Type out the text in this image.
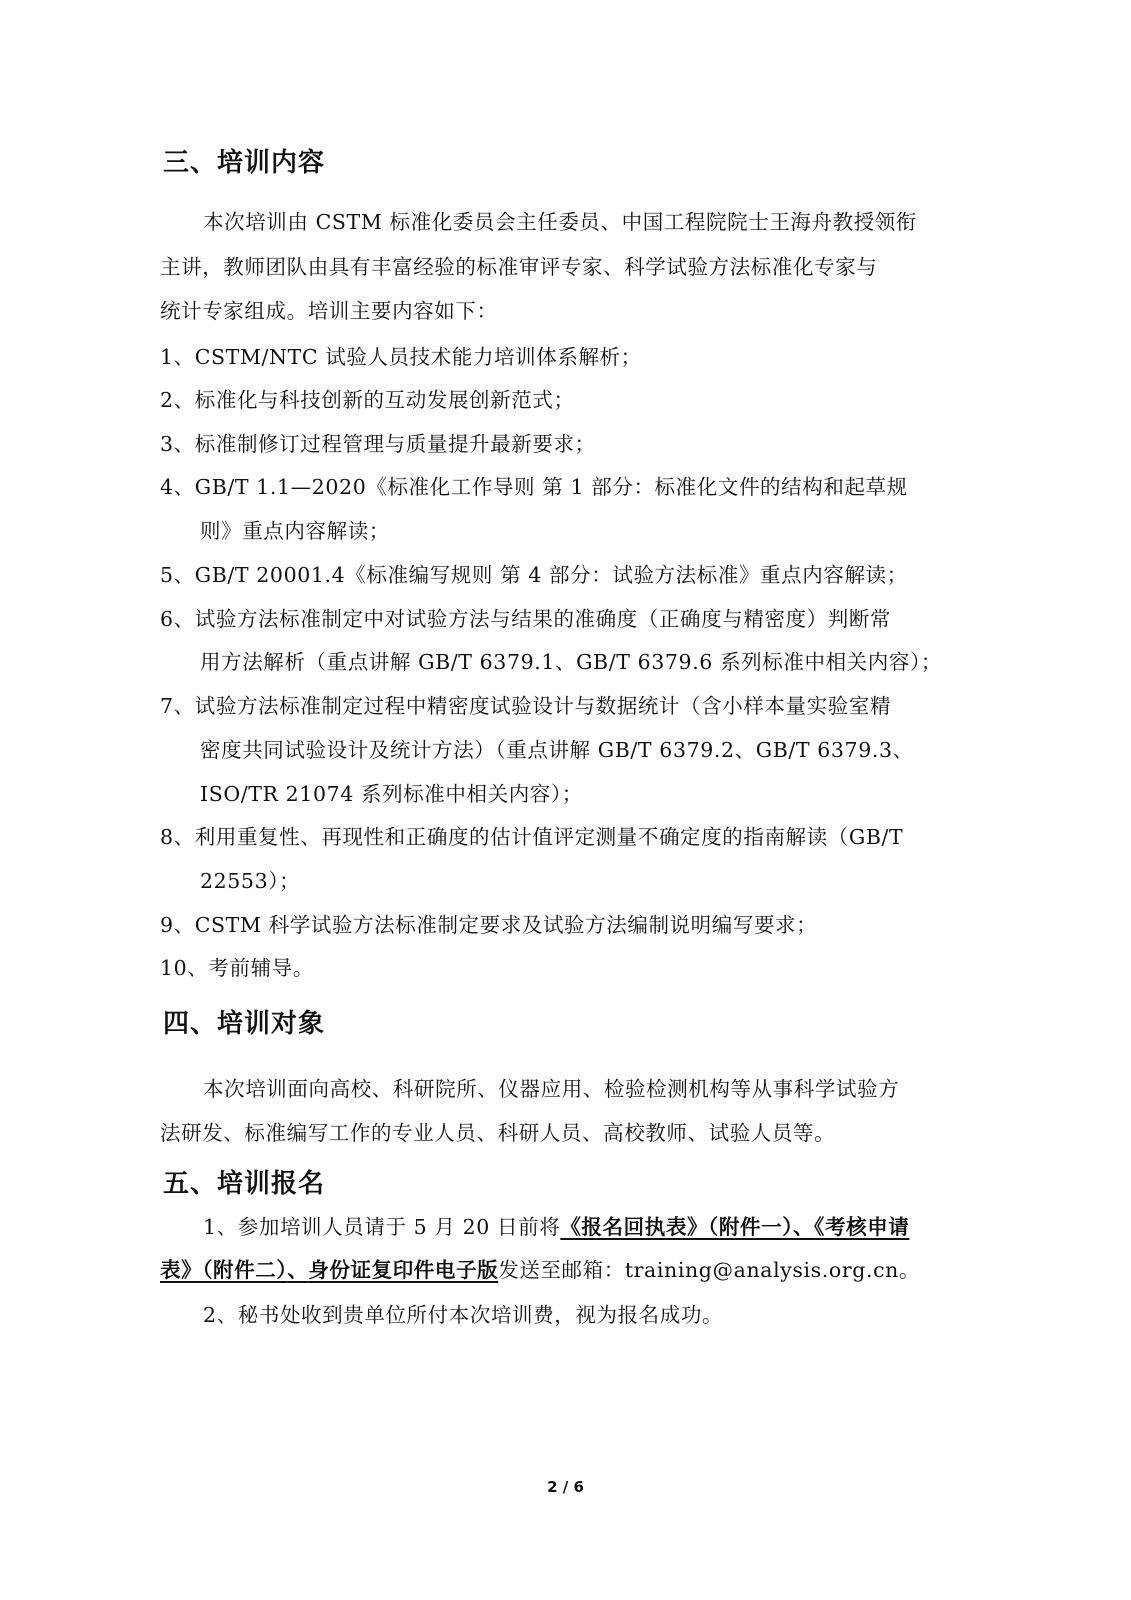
三、培训内容
本次培训由 CSTM 标准化委员会主任委员、中国工程院院士王海舟教授领衔
主讲，教师团队由具有丰富经验的标准审评专家、科学试验方法标准化专家与
统计专家组成。培训主要内容如下：
1、CSTM/NTC 试验人员技术能力培训体系解析；
2、标准化与科技创新的互动发展创新范式；
3、标准制修订过程管理与质量提升最新要求；
4、GB/T 1.1—2020《标准化工作导则 第 1 部分：标准化文件的结构和起草规
则》重点内容解读；
5、GB/T 20001.4《标准编写规则 第 4 部分：试验方法标准》重点内容解读；
6、试验方法标准制定中对试验方法与结果的准确度（正确度与精密度）判断常
用方法解析（重点讲解 GB/T 6379.1、GB/T 6379.6 系列标准中相关内容）；
7、试验方法标准制定过程中精密度试验设计与数据统计（含小样本量实验室精
密度共同试验设计及统计方法）（重点讲解 GB/T 6379.2、GB/T 6379.3、
ISO/TR 21074 系列标准中相关内容）；
8、利用重复性、再现性和正确度的估计值评定测量不确定度的指南解读（GB/T
22553）；
9、CSTM 科学试验方法标准制定要求及试验方法编制说明编写要求；
10、考前辅导。
四、培训对象
本次培训面向高校、科研院所、仪器应用、检验检测机构等从事科学试验方
法研发、标准编写工作的专业人员、科研人员、高校教师、试验人员等。
五、培训报名
1、参加培训人员请于 5 月 20 日前将《报名回执表》（附件一）、《考核申请
表》（附件二）、身份证复印件电子版发送至邮箱：training@analysis.org.cn。
2、秘书处收到贵单位所付本次培训费，视为报名成功。
2 / 6
